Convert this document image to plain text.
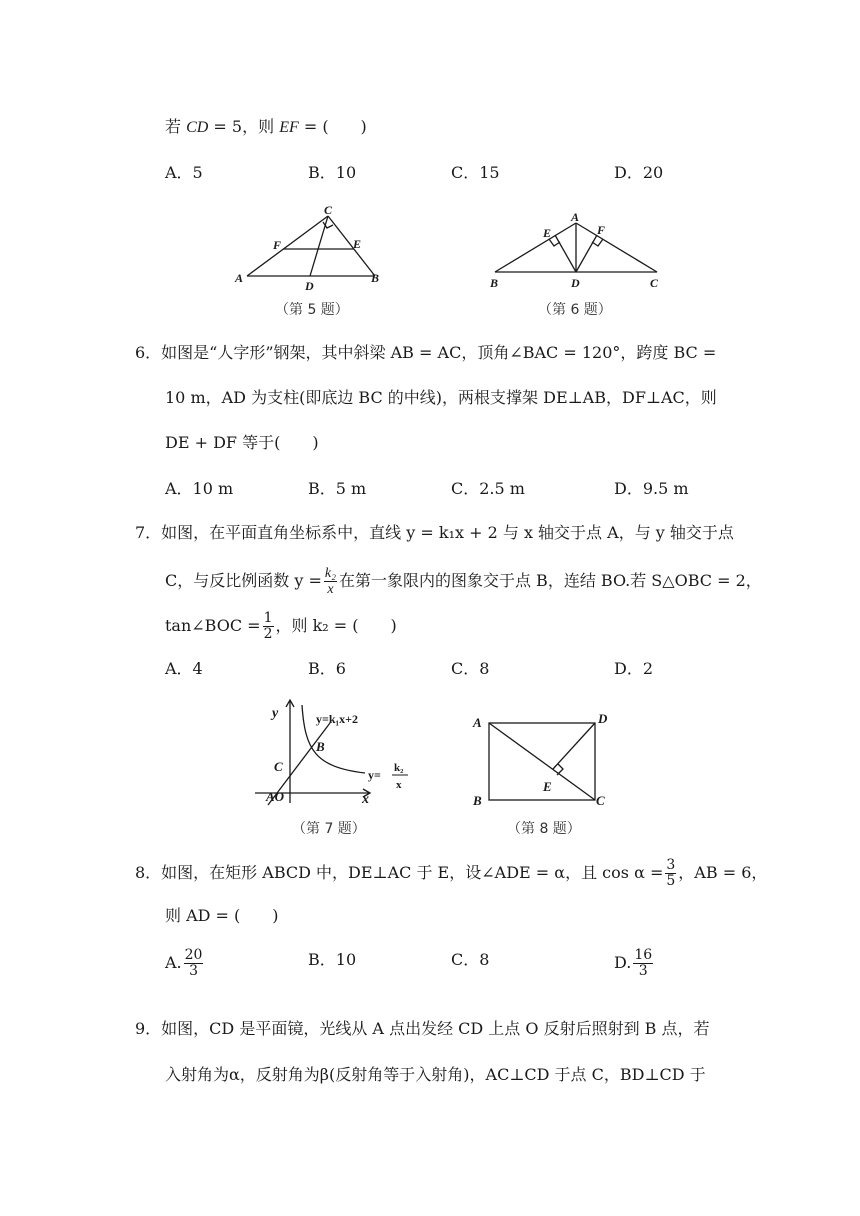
若 CD = 5，则 EF = (　　)
A．5	B．10	C．15	D．20
C
F	E
A
D
B
（第 5 题）
A
E	F
B	D	C
（第 6 题）
6．如图是“人字形”钢架，其中斜梁 AB = AC，顶角∠BAC = 120°，跨度 BC =
10 m，AD 为支柱(即底边 BC 的中线)，两根支撑架 DE⊥AB，DF⊥AC，则
DE + DF 等于(　　)
A．10 m	B．5 m	C．2.5 m	D．9.5 m
7．如图，在平面直角坐标系中，直线 y = k₁x + 2 与 x 轴交于点 A，与 y 轴交于点
C，与反比例函数 $y = \frac{\text{k₂}}{x}$ 在第一象限内的图象交于点 B，连结 BO.若 S△OBC = 2，
tan∠BOC = $\frac{1}{2}$ ，则 k₂ = (　　)
A．4	B．6	C．8	D．2
y
x
y=k₁x+2
B
C
AO
y= k₂
x
（第 7 题）
A	D
E
B	C
（第 8 题）
8．如图，在矩形 ABCD 中，DE⊥AC 于 E，设∠ADE = α，且 $\cos \alpha = \frac{3}{5}$ ，AB = 6，
则 AD = (　　)
A. $\frac{20}{3}$	B．10	C．8	D. $\frac{16}{3}$
9．如图，CD 是平面镜，光线从 A 点出发经 CD 上点 O 反射后照射到 B 点，若
入射角为α，反射角为β(反射角等于入射角)，AC⊥CD 于点 C，BD⊥CD 于
